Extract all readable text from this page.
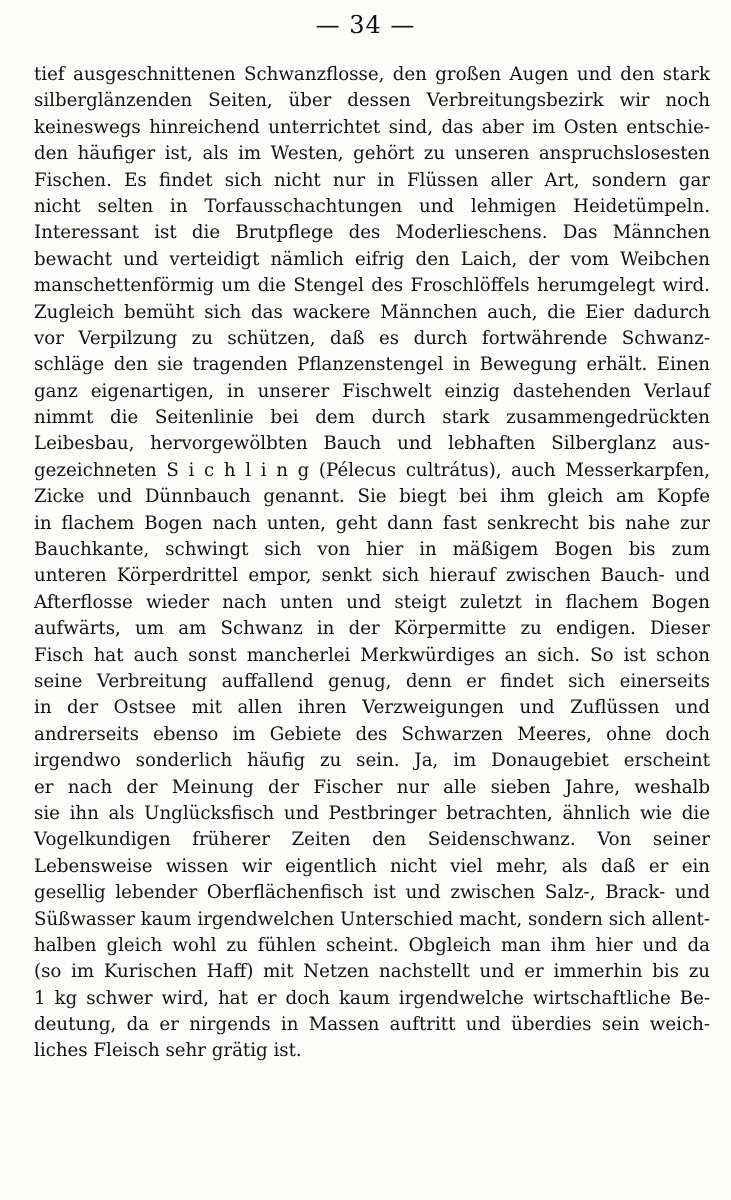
— 34 —
tief ausgeschnittenen Schwanzflosse, den großen Augen und den stark
silberglänzenden Seiten, über dessen Verbreitungsbezirk wir noch
keineswegs hinreichend unterrichtet sind, das aber im Osten entschie-
den häufiger ist, als im Westen, gehört zu unseren anspruchslosesten
Fischen. Es findet sich nicht nur in Flüssen aller Art, sondern gar
nicht selten in Torfausschachtungen und lehmigen Heidetümpeln.
Interessant ist die Brutpflege des Moderlieschens. Das Männchen
bewacht und verteidigt nämlich eifrig den Laich, der vom Weibchen
manschettenförmig um die Stengel des Froschlöffels herumgelegt wird.
Zugleich bemüht sich das wackere Männchen auch, die Eier dadurch
vor Verpilzung zu schützen, daß es durch fortwährende Schwanz-
schläge den sie tragenden Pflanzenstengel in Bewegung erhält. Einen
ganz eigenartigen, in unserer Fischwelt einzig dastehenden Verlauf
nimmt die Seitenlinie bei dem durch stark zusammengedrückten
Leibesbau, hervorgewölbten Bauch und lebhaften Silberglanz aus-
gezeichneten S i c h l i n g (Pélecus cultrátus), auch Messerkarpfen,
Zicke und Dünnbauch genannt. Sie biegt bei ihm gleich am Kopfe
in flachem Bogen nach unten, geht dann fast senkrecht bis nahe zur
Bauchkante, schwingt sich von hier in mäßigem Bogen bis zum
unteren Körperdrittel empor, senkt sich hierauf zwischen Bauch- und
Afterflosse wieder nach unten und steigt zuletzt in flachem Bogen
aufwärts, um am Schwanz in der Körpermitte zu endigen. Dieser
Fisch hat auch sonst mancherlei Merkwürdiges an sich. So ist schon
seine Verbreitung auffallend genug, denn er findet sich einerseits
in der Ostsee mit allen ihren Verzweigungen und Zuflüssen und
andrerseits ebenso im Gebiete des Schwarzen Meeres, ohne doch
irgendwo sonderlich häufig zu sein. Ja, im Donaugebiet erscheint
er nach der Meinung der Fischer nur alle sieben Jahre, weshalb
sie ihn als Unglücksfisch und Pestbringer betrachten, ähnlich wie die
Vogelkundigen früherer Zeiten den Seidenschwanz. Von seiner
Lebensweise wissen wir eigentlich nicht viel mehr, als daß er ein
gesellig lebender Oberflächenfisch ist und zwischen Salz-, Brack- und
Süßwasser kaum irgendwelchen Unterschied macht, sondern sich allent-
halben gleich wohl zu fühlen scheint. Obgleich man ihm hier und da
(so im Kurischen Haff) mit Netzen nachstellt und er immerhin bis zu
1 kg schwer wird, hat er doch kaum irgendwelche wirtschaftliche Be-
deutung, da er nirgends in Massen auftritt und überdies sein weich-
liches Fleisch sehr grätig ist.
